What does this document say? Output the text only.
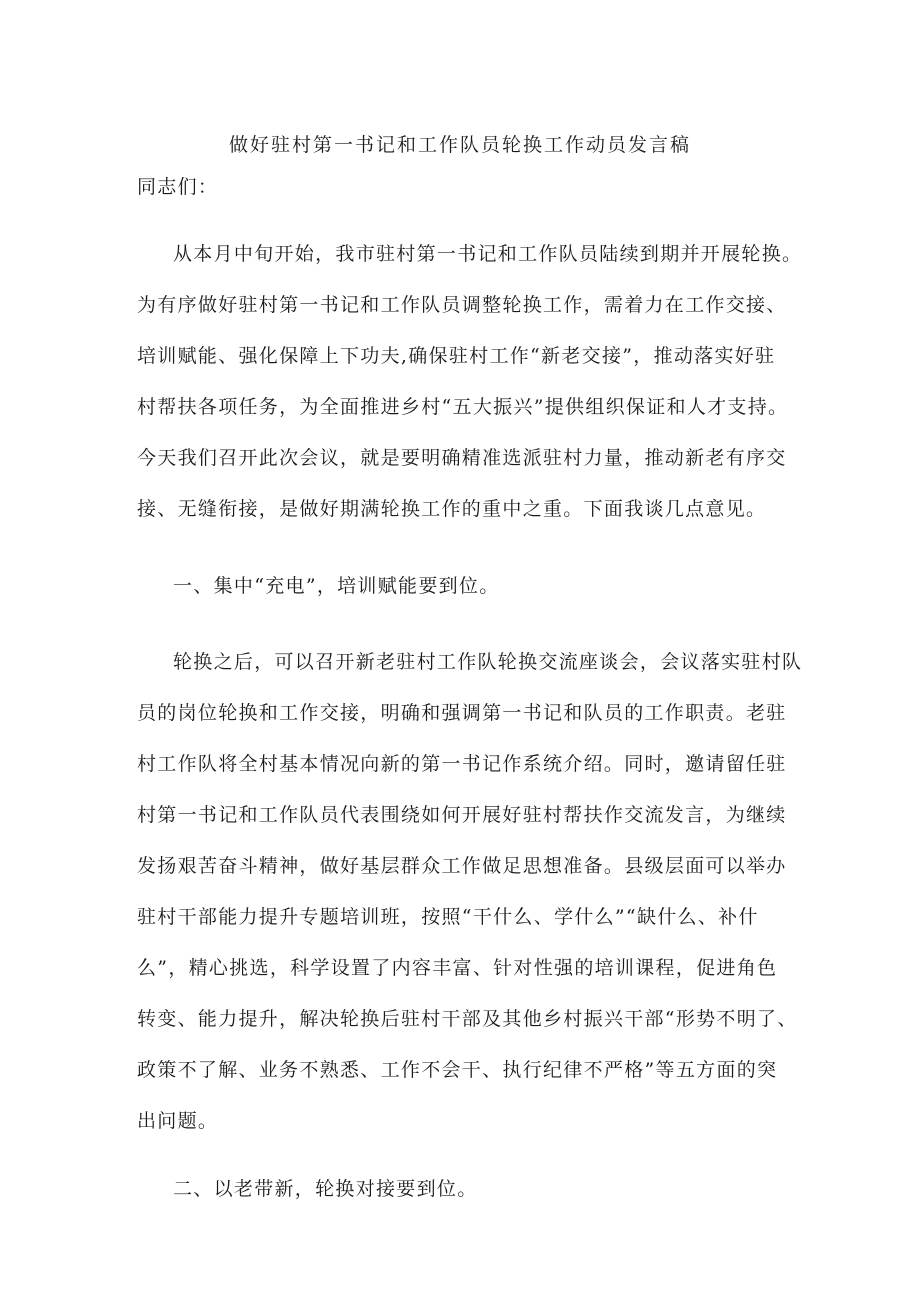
做好驻村第一书记和工作队员轮换工作动员发言稿
同志们：
从本月中旬开始，我市驻村第一书记和工作队员陆续到期并开展轮换。
为有序做好驻村第一书记和工作队员调整轮换工作，需着力在工作交接、
培训赋能、强化保障上下功夫,确保驻村工作“新老交接”，推动落实好驻
村帮扶各项任务，为全面推进乡村“五大振兴”提供组织保证和人才支持。
今天我们召开此次会议，就是要明确精准选派驻村力量，推动新老有序交
接、无缝衔接，是做好期满轮换工作的重中之重。下面我谈几点意见。
一、集中“充电”，培训赋能要到位。
轮换之后，可以召开新老驻村工作队轮换交流座谈会，会议落实驻村队
员的岗位轮换和工作交接，明确和强调第一书记和队员的工作职责。老驻
村工作队将全村基本情况向新的第一书记作系统介绍。同时，邀请留任驻
村第一书记和工作队员代表围绕如何开展好驻村帮扶作交流发言，为继续
发扬艰苦奋斗精神，做好基层群众工作做足思想准备。县级层面可以举办
驻村干部能力提升专题培训班，按照“干什么、学什么”“缺什么、补什
么”，精心挑选，科学设置了内容丰富、针对性强的培训课程，促进角色
转变、能力提升，解决轮换后驻村干部及其他乡村振兴干部“形势不明了、
政策不了解、业务不熟悉、工作不会干、执行纪律不严格”等五方面的突
出问题。
二、以老带新，轮换对接要到位。
